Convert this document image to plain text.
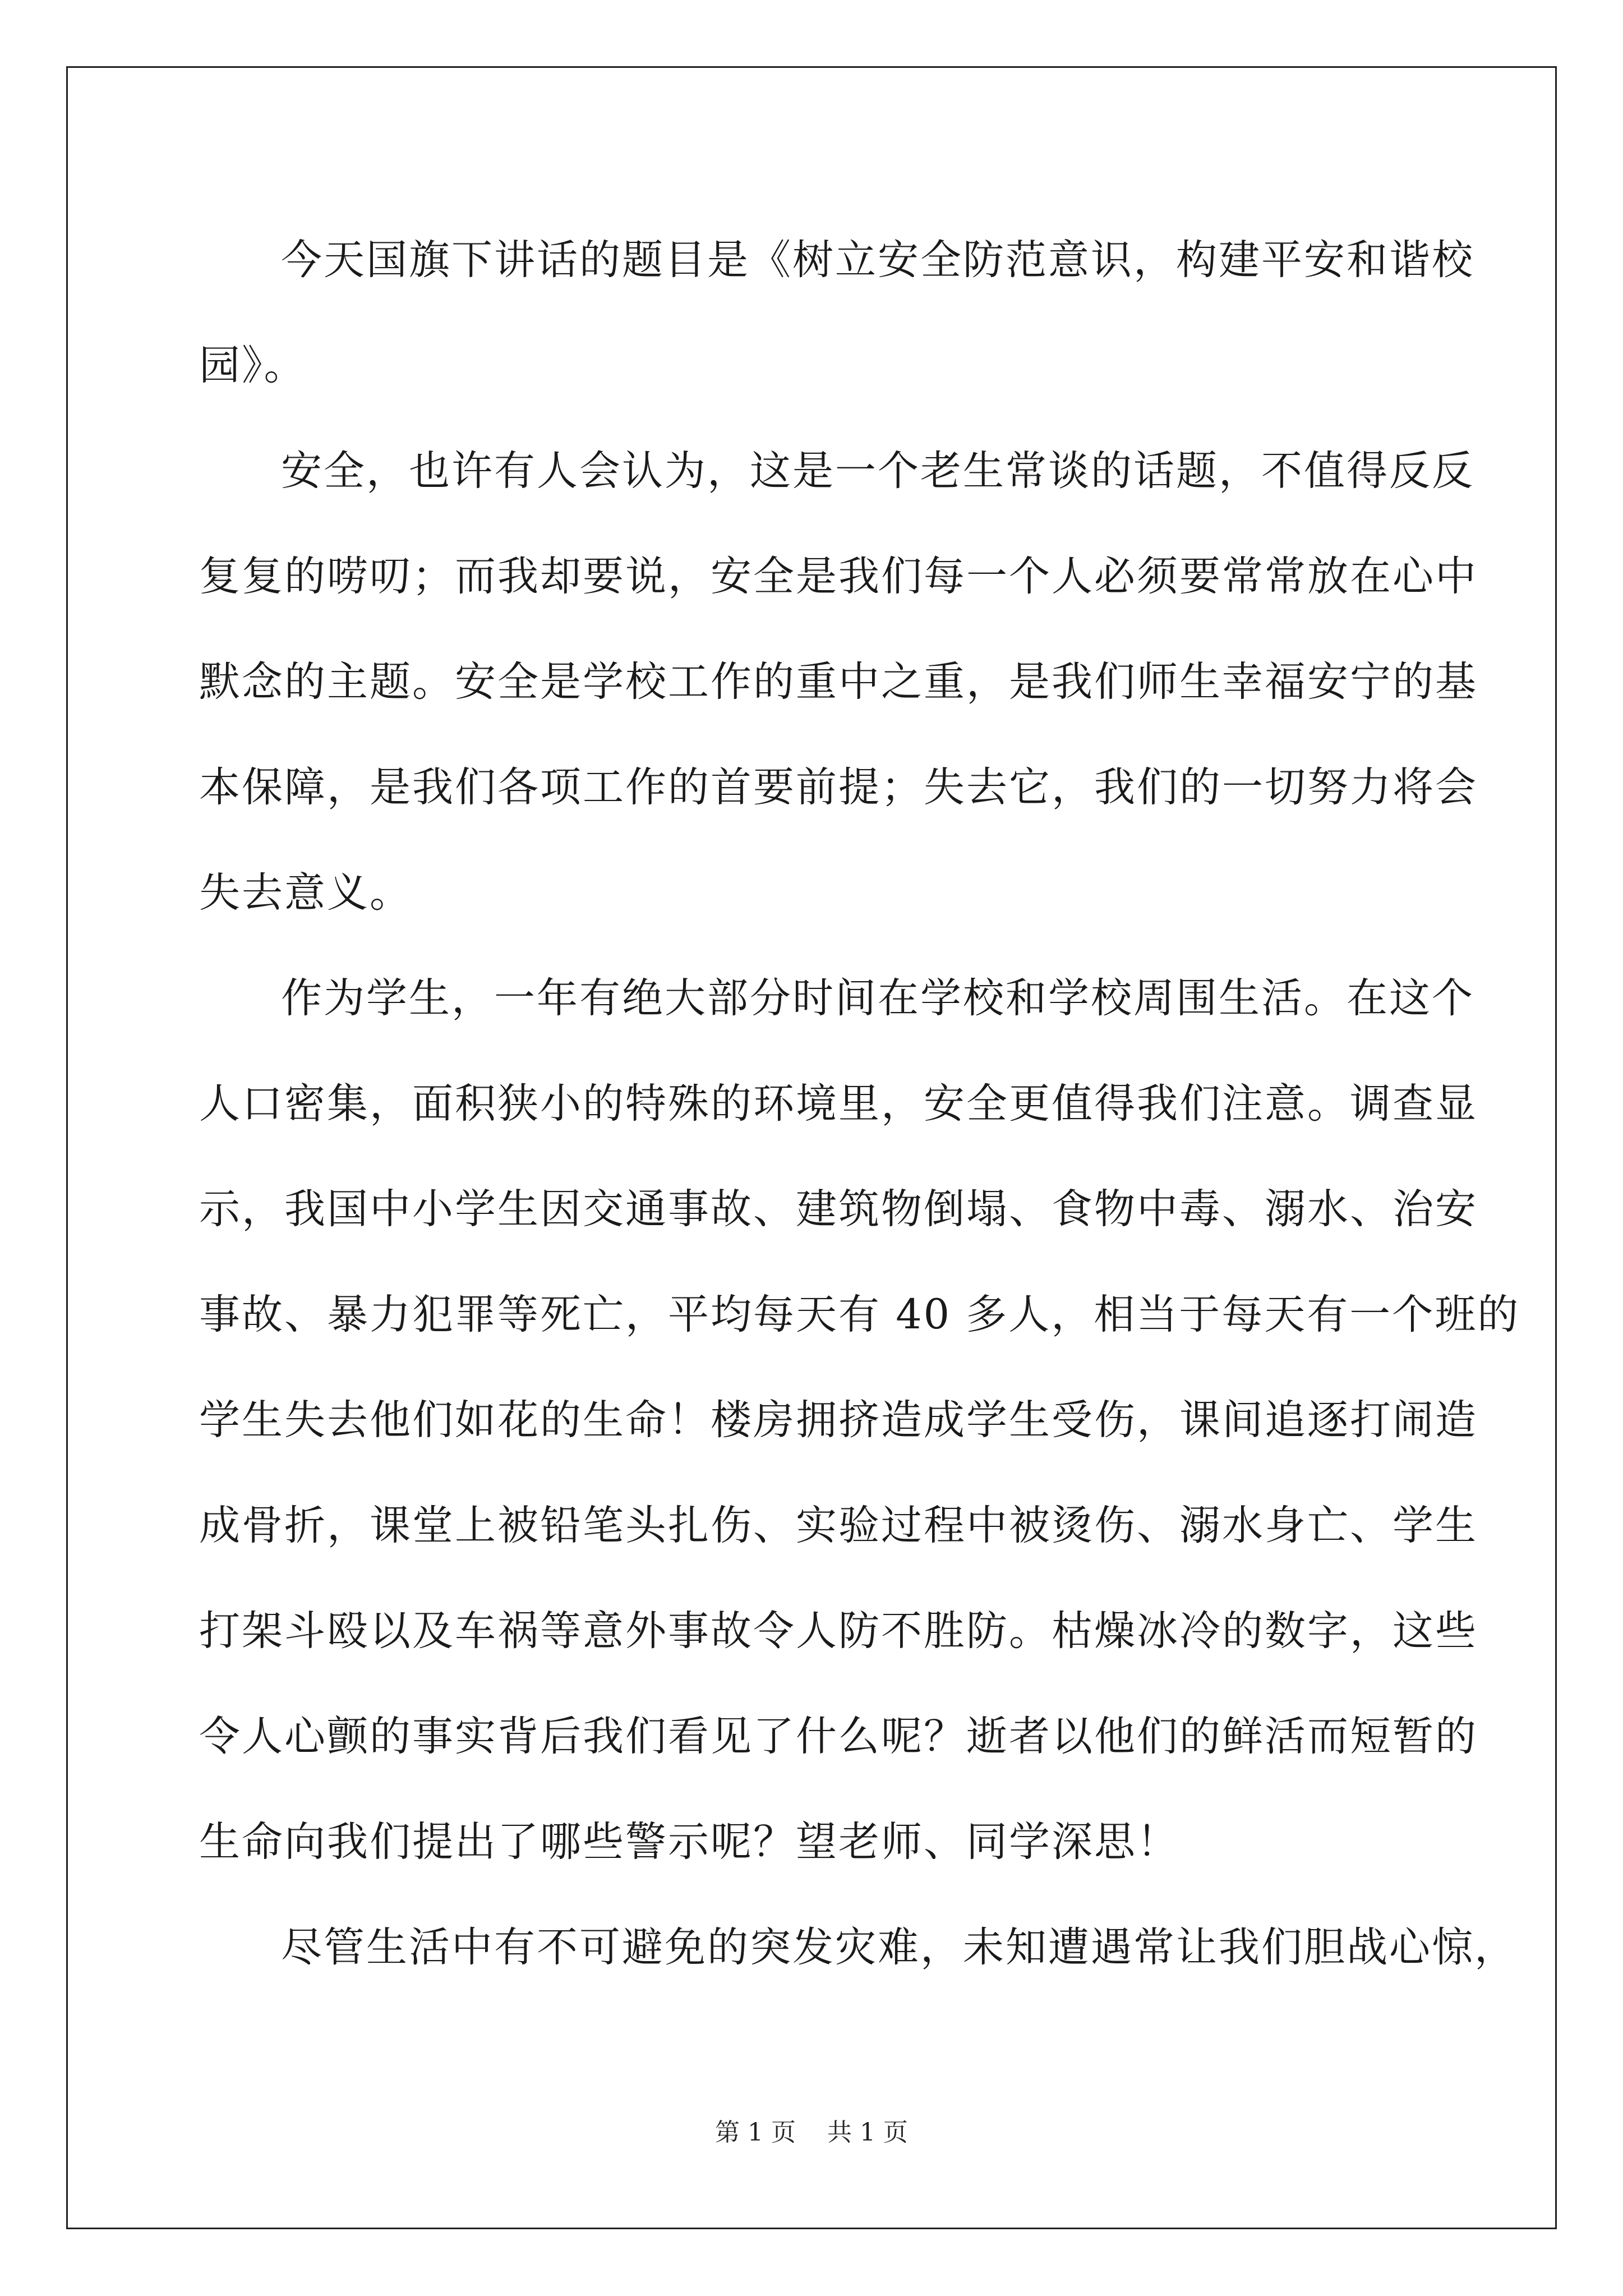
今天国旗下讲话的题目是《树立安全防范意识，构建平安和谐校
园》。
安全，也许有人会认为，这是一个老生常谈的话题，不值得反反
复复的唠叨；而我却要说，安全是我们每一个人必须要常常放在心中
默念的主题。安全是学校工作的重中之重，是我们师生幸福安宁的基
本保障，是我们各项工作的首要前提；失去它，我们的一切努力将会
失去意义。
作为学生，一年有绝大部分时间在学校和学校周围生活。在这个
人口密集，面积狭小的特殊的环境里，安全更值得我们注意。调查显
示，我国中小学生因交通事故、建筑物倒塌、食物中毒、溺水、治安
事故、暴力犯罪等死亡，平均每天有 40 多人，相当于每天有一个班的
学生失去他们如花的生命！楼房拥挤造成学生受伤，课间追逐打闹造
成骨折，课堂上被铅笔头扎伤、实验过程中被烫伤、溺水身亡、学生
打架斗殴以及车祸等意外事故令人防不胜防。枯燥冰冷的数字，这些
令人心颤的事实背后我们看见了什么呢？逝者以他们的鲜活而短暂的
生命向我们提出了哪些警示呢？望老师、同学深思！
尽管生活中有不可避免的突发灾难，未知遭遇常让我们胆战心惊，
第 1 页    共 1 页
